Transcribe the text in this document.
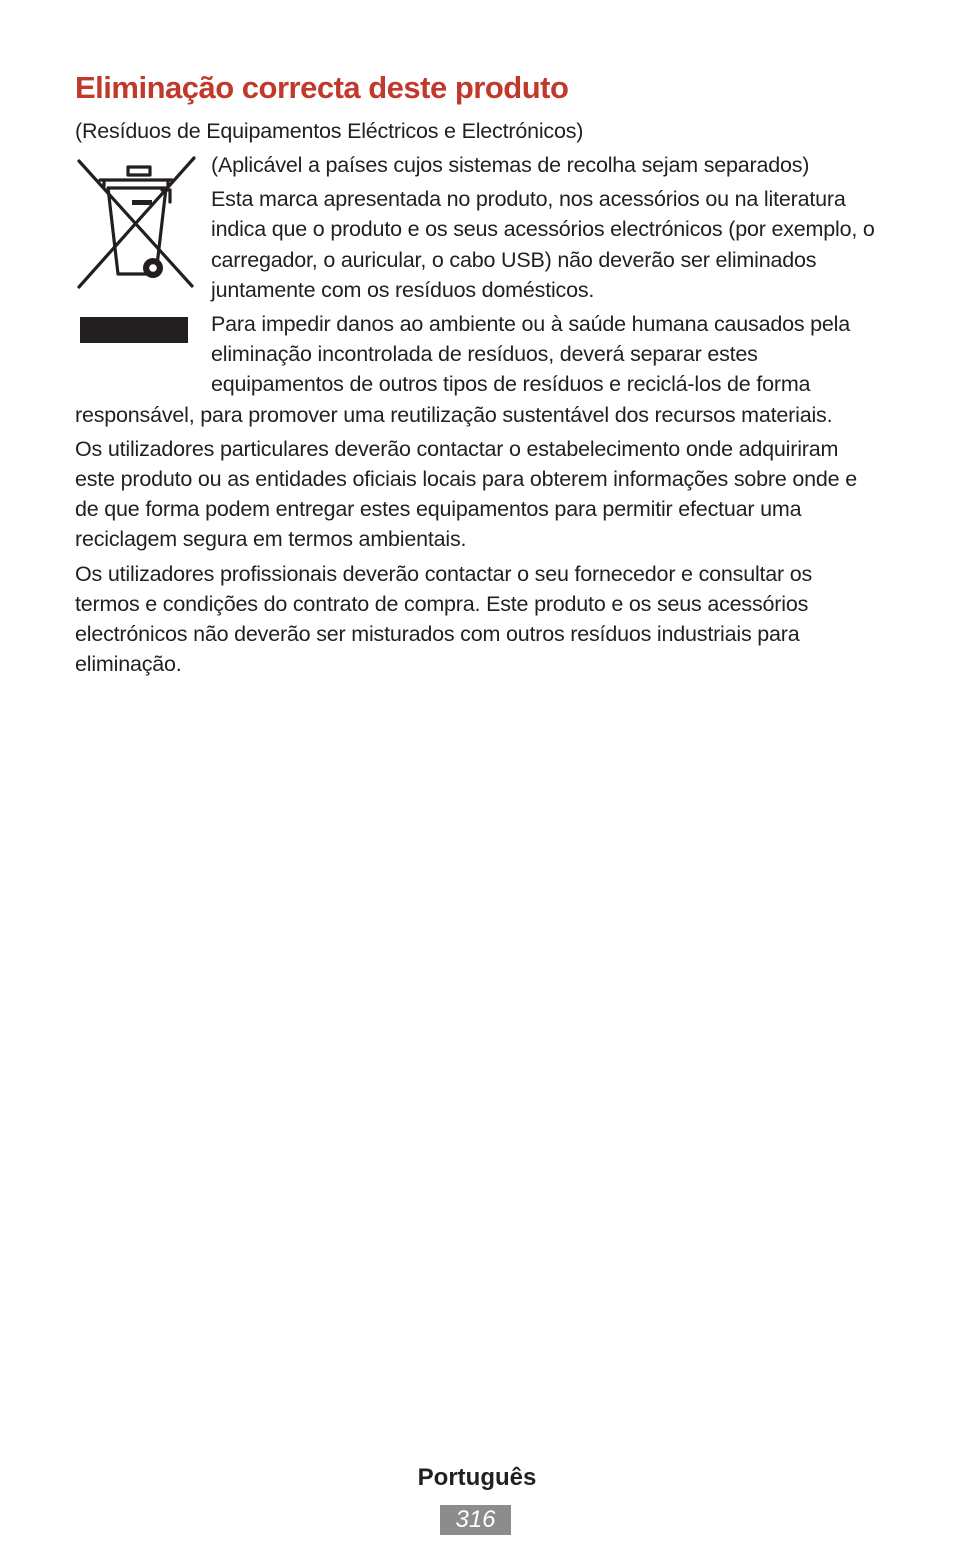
Eliminação correcta deste produto
(Resíduos de Equipamentos Eléctricos e Electrónicos)

(Aplicável a países cujos sistemas de recolha sejam separados)

Esta marca apresentada no produto, nos acessórios ou na literatura indica que o produto e os seus acessórios electrónicos (por exemplo, o carregador, o auricular, o cabo USB) não deverão ser eliminados juntamente com os resíduos domésticos.

Para impedir danos ao ambiente ou à saúde humana causados pela eliminação incontrolada de resíduos, deverá separar estes equipamentos de outros tipos de resíduos e reciclá-los de forma responsável, para promover uma reutilização sustentável dos recursos materiais.

Os utilizadores particulares deverão contactar o estabelecimento onde adquiriram este produto ou as entidades oficiais locais para obterem informações sobre onde e de que forma podem entregar estes equipamentos para permitir efectuar uma reciclagem segura em termos ambientais.

Os utilizadores profissionais deverão contactar o seu fornecedor e consultar os termos e condições do contrato de compra. Este produto e os seus acessórios electrónicos não deverão ser misturados com outros resíduos industriais para eliminação.

Português
316
